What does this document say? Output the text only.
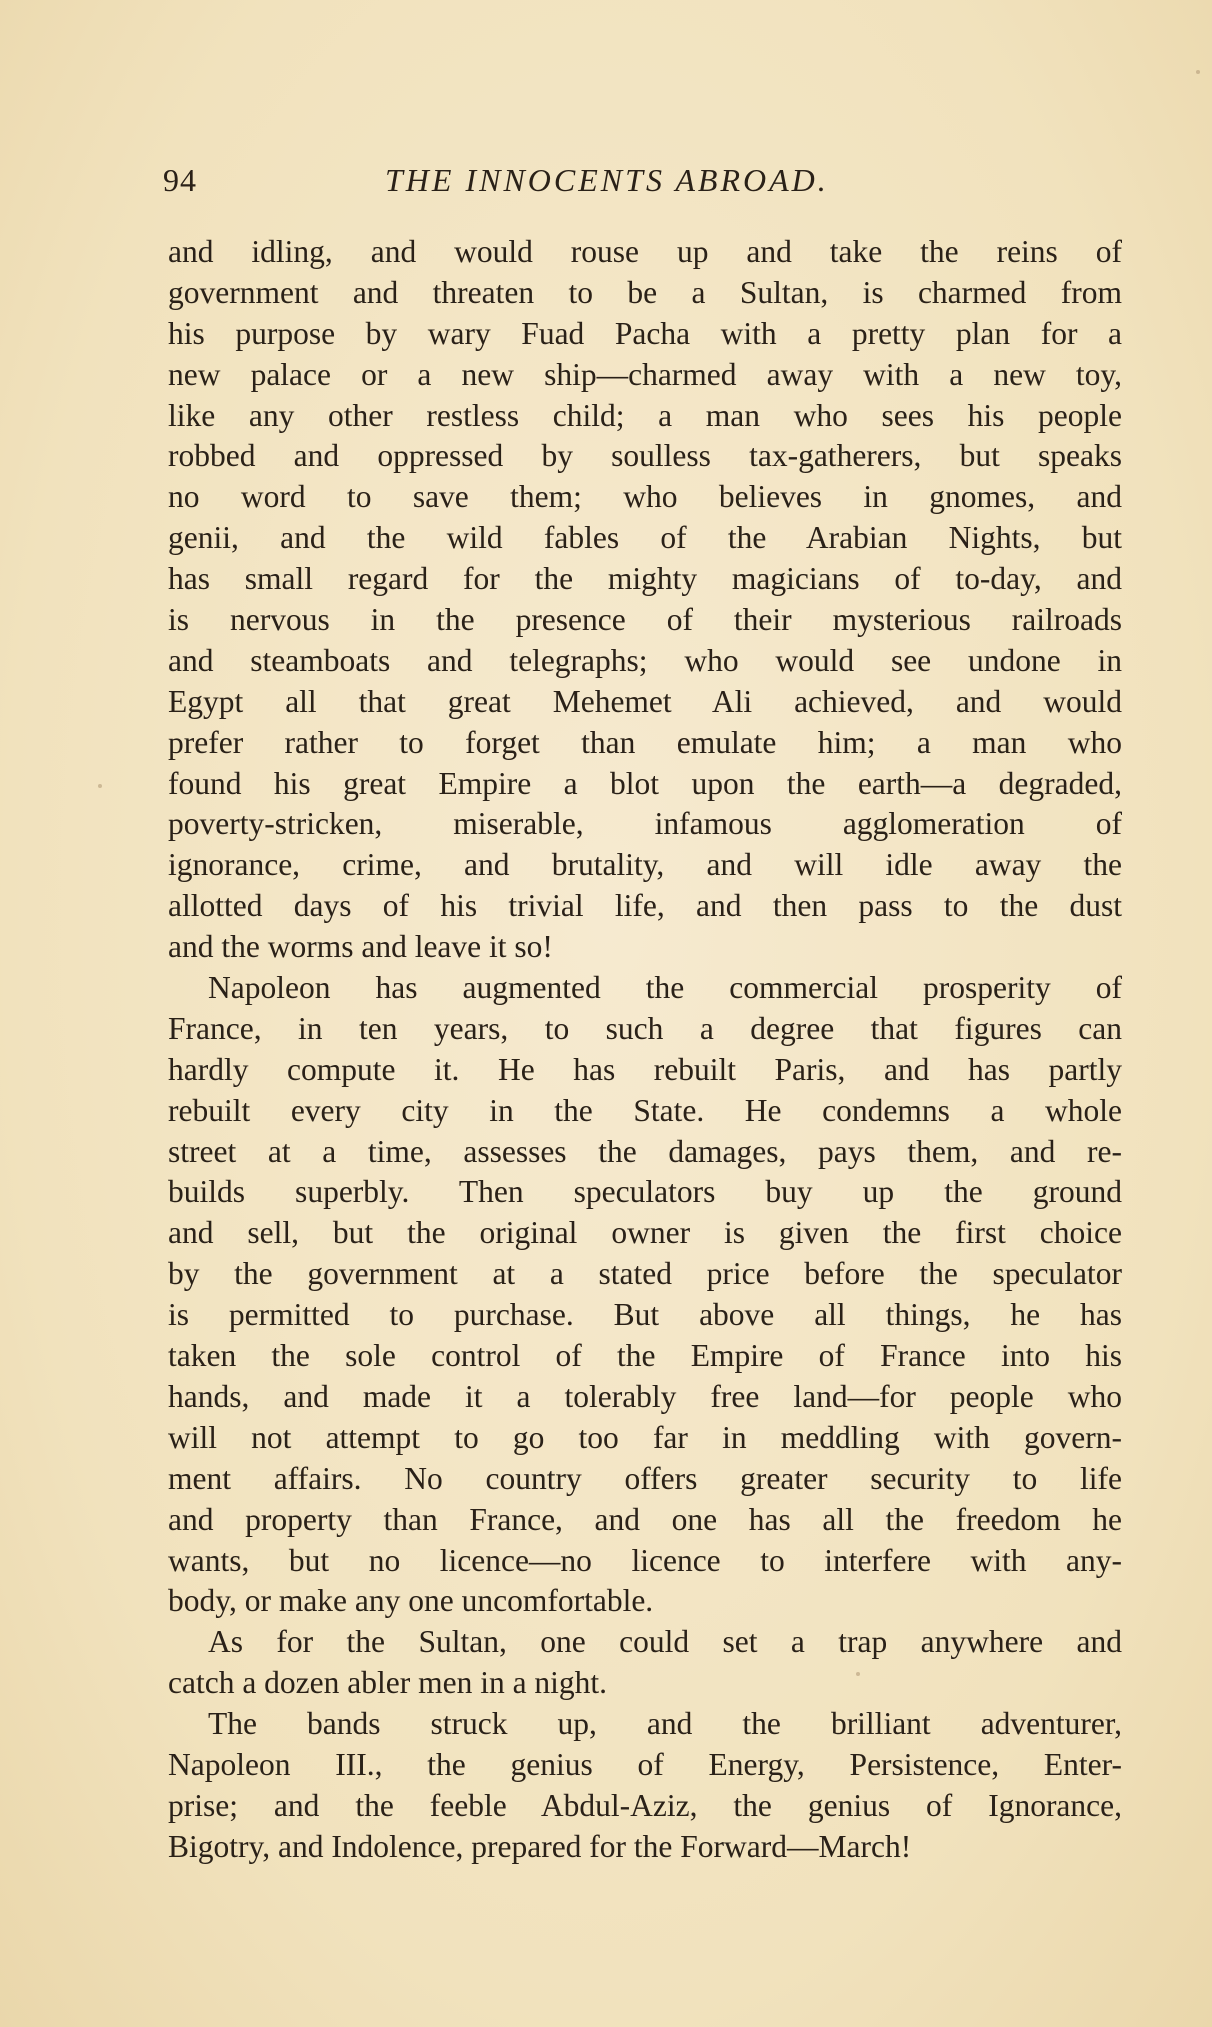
94	THE INNOCENTS ABROAD.
and idling, and would rouse up and take the reins of
government and threaten to be a Sultan, is charmed from
his purpose by wary Fuad Pacha with a pretty plan for a
new palace or a new ship—charmed away with a new toy,
like any other restless child; a man who sees his people
robbed and oppressed by soulless tax-gatherers, but speaks
no word to save them; who believes in gnomes, and
genii, and the wild fables of the Arabian Nights, but
has small regard for the mighty magicians of to-day, and
is nervous in the presence of their mysterious railroads
and steamboats and telegraphs; who would see undone in
Egypt all that great Mehemet Ali achieved, and would
prefer rather to forget than emulate him; a man who
found his great Empire a blot upon the earth—a degraded,
poverty-stricken, miserable, infamous agglomeration of
ignorance, crime, and brutality, and will idle away the
allotted days of his trivial life, and then pass to the dust
and the worms and leave it so!
Napoleon has augmented the commercial prosperity of
France, in ten years, to such a degree that figures can
hardly compute it. He has rebuilt Paris, and has partly
rebuilt every city in the State. He condemns a whole
street at a time, assesses the damages, pays them, and re-
builds superbly. Then speculators buy up the ground
and sell, but the original owner is given the first choice
by the government at a stated price before the speculator
is permitted to purchase. But above all things, he has
taken the sole control of the Empire of France into his
hands, and made it a tolerably free land—for people who
will not attempt to go too far in meddling with govern-
ment affairs. No country offers greater security to life
and property than France, and one has all the freedom he
wants, but no licence—no licence to interfere with any-
body, or make any one uncomfortable.
As for the Sultan, one could set a trap anywhere and
catch a dozen abler men in a night.
The bands struck up, and the brilliant adventurer,
Napoleon III., the genius of Energy, Persistence, Enter-
prise; and the feeble Abdul-Aziz, the genius of Ignorance,
Bigotry, and Indolence, prepared for the Forward—March!
